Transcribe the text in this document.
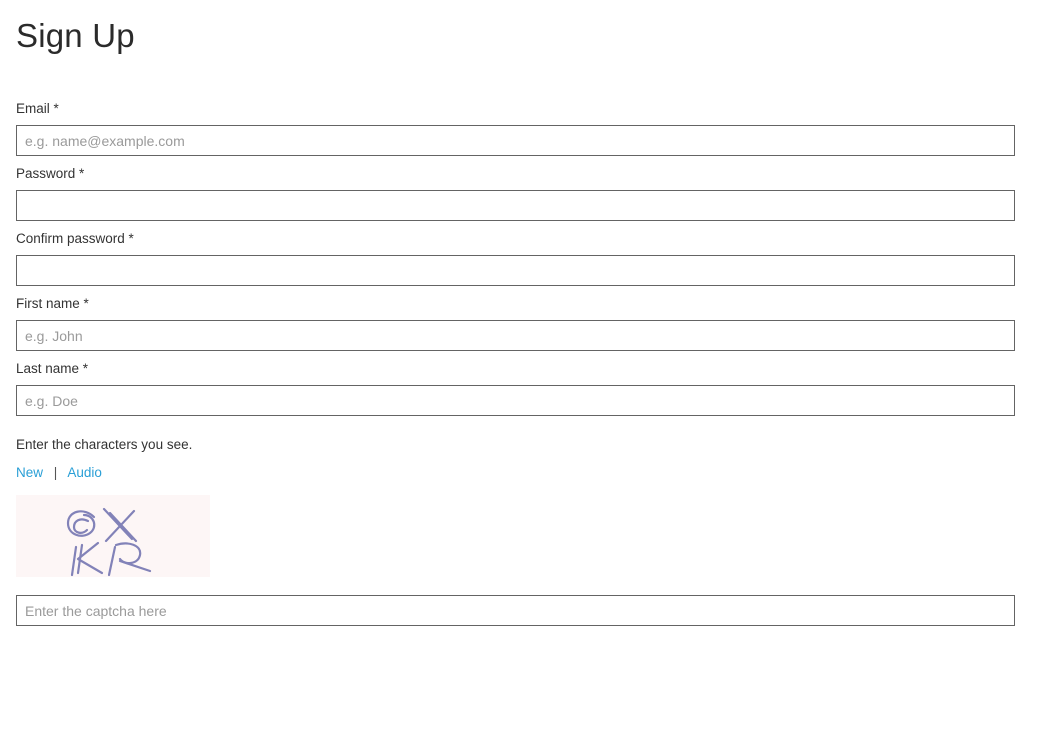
Sign Up
Email *
e.g. name@example.com
Password *
Confirm password *
First name *
e.g. John
Last name *
e.g. Doe
Enter the characters you see.
New | Audio
Enter the captcha here
